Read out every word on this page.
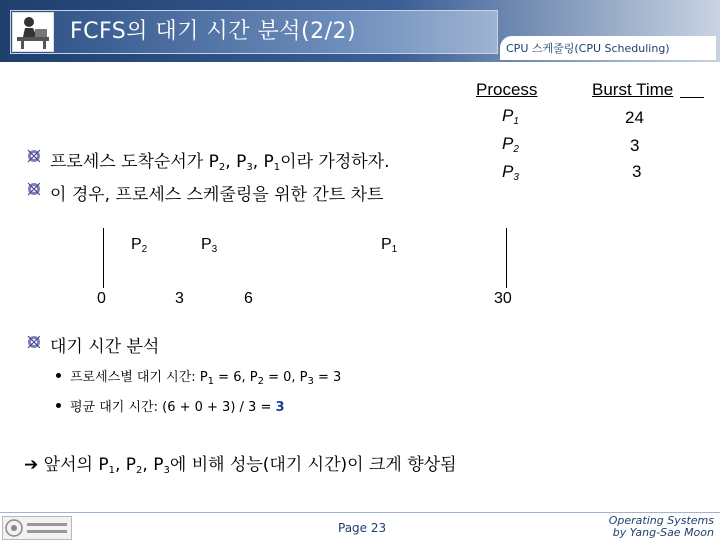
FCFS의 대기 시간 분석(2/2)
CPU 스케줄링(CPU Scheduling)
Process	Burst Time
$P_1$	24
$P_2$	3
$P_3$	3
프로세스 도착순서가 $P_2$, $P_3$, $P_1$이라 가정하자.
이 경우, 프로세스 스케줄링을 위한 간트 차트
$P_2$	$P_3$	$P_1$
0	3	6	30
대기 시간 분석
프로세스별 대기 시간: $P_1 = 6$, $P_2 = 0$, $P_3 = 3$
평균 대기 시간: (6 + 0 + 3) / 3 = 3
➔ 앞서의 $P_1$, $P_2$, $P_3$에 비해 성능(대기 시간)이 크게 향상됨
Page 23
Operating Systems
by Yang-Sae Moon
